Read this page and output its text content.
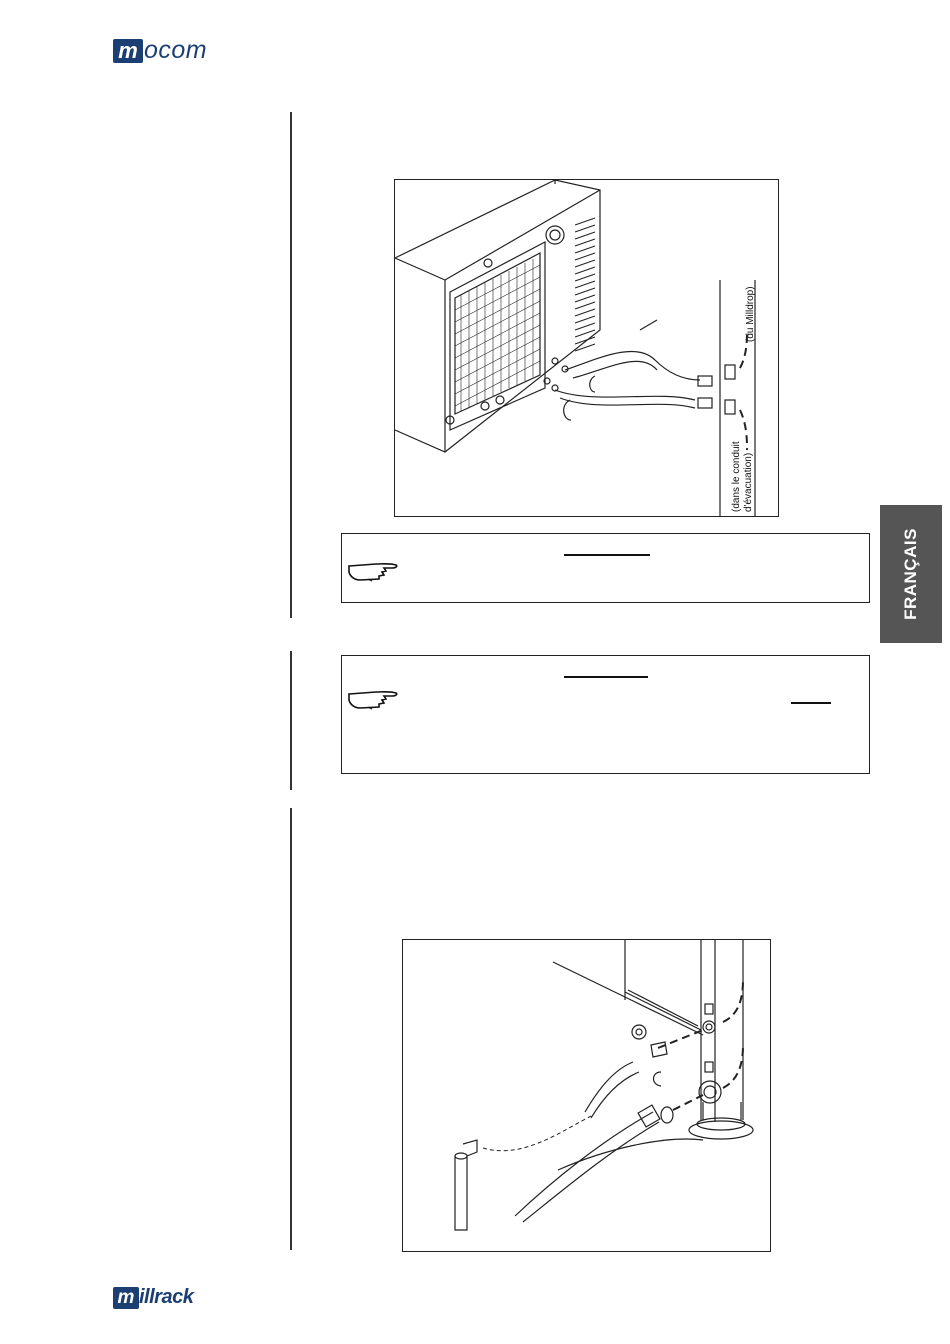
m ocom
FRANÇAIS
(du Milldrop)
(dans le conduit d'évacuation)
m illrack
